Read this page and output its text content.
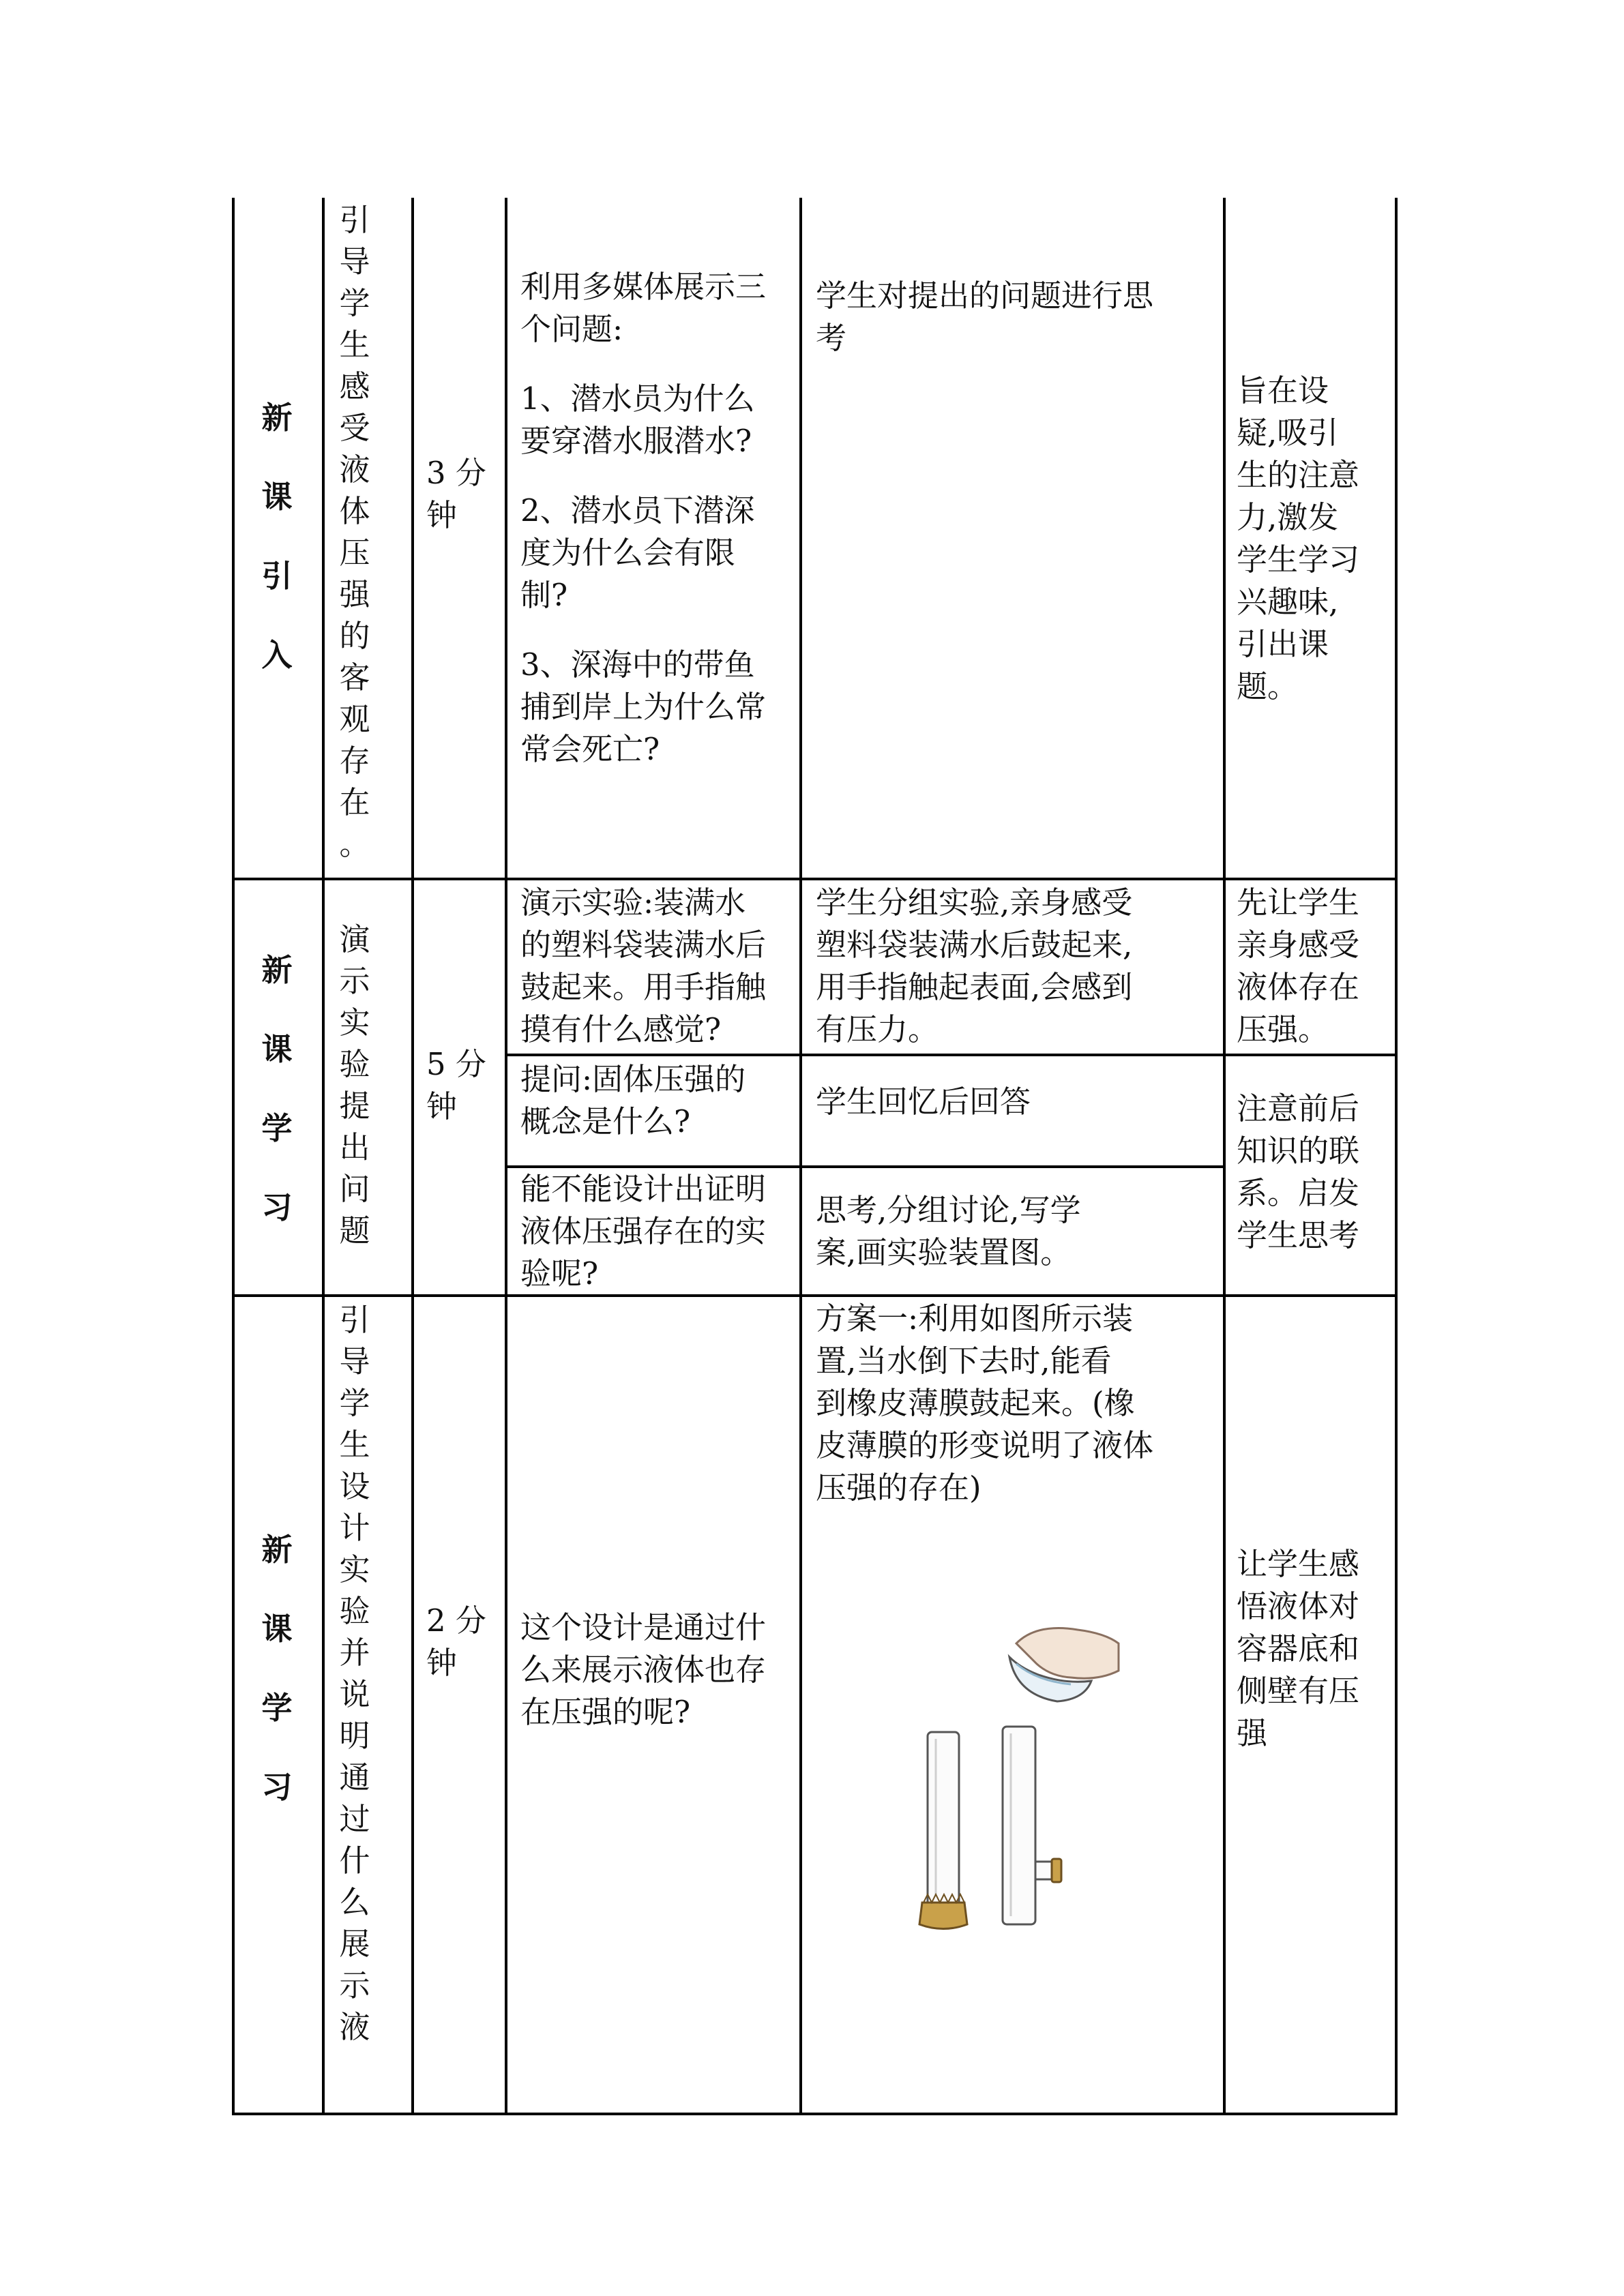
新
课
引
入
引
导
学
生
感
受
液
体
压
强
的
客
观
存
在
。

3 分钟

利用多媒体展示三

个问题:

1、潜水员为什么

要穿潜水服潜水?

2、潜水员下潜深

度为什么会有限

制?

3、深海中的带鱼

捕到岸上为什么常

常会死亡?

学生对提出的问题进行思

考

旨在设

疑,吸引

生的注意

力,激发

学生学习

兴趣味,

引出课

题。

新
课
学
习
演
示
实
验
提
出
问
题

5 分钟

演示实验:装满水

的塑料袋装满水后

鼓起来。用手指触

摸有什么感觉?

学生分组实验,亲身感受

塑料袋装满水后鼓起来,

用手指触起表面,会感到

有压力。

先让学生

亲身感受

液体存在

压强。

提问:固体压强的

概念是什么?

学生回忆后回答	注意前后

知识的联

系。启发

学生思考

能不能设计出证明

液体压强存在的实

验呢?

思考,分组讨论,写学

案,画实验装置图。

新
课
学
习
引
导
学
生
设
计
实
验
并
说
明
通
过
什
么
展
示
液

2 分钟

这个设计是通过什

么来展示液体也存

在压强的呢?

方案一:利用如图所示装

置,当水倒下去时,能看

到橡皮薄膜鼓起来。(橡

皮薄膜的形变说明了液体

压强的存在)

让学生感

悟液体对

容器底和

侧壁有压

强
